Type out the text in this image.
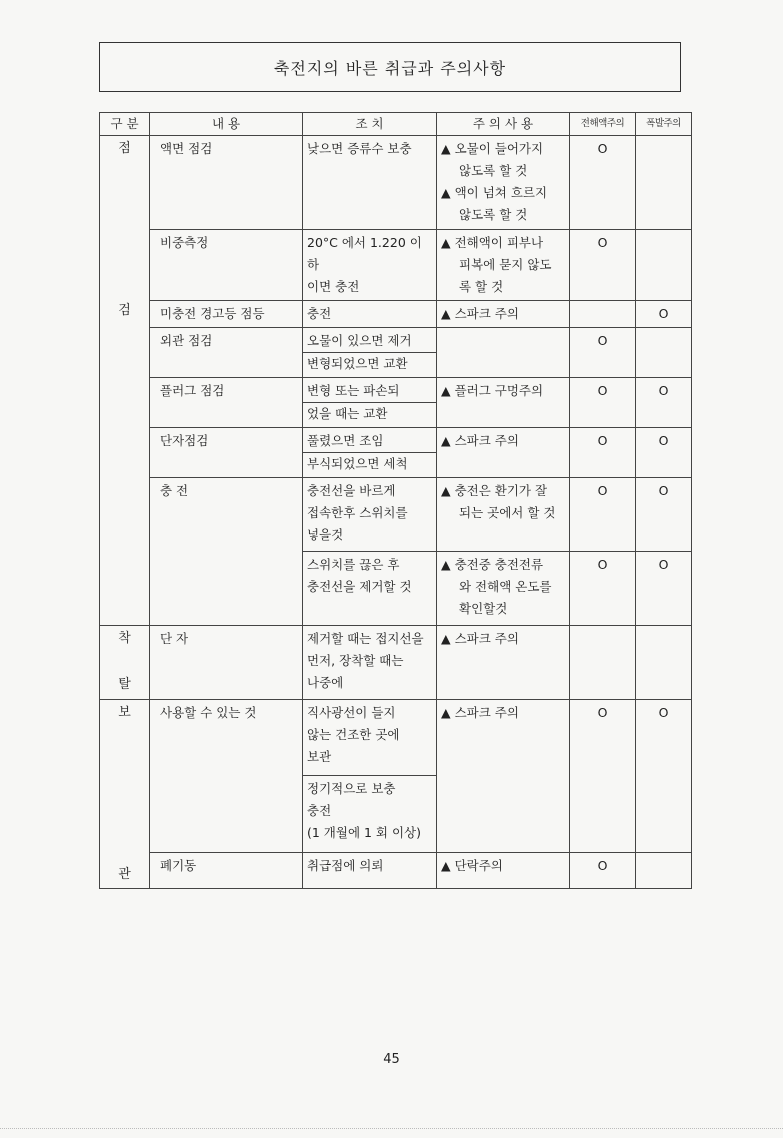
축전지의 바른 취급과 주의사항
구 분	내 용	조 치	주 의 사 용	전해액주의	폭발주의

점
검	액면 점검	낮으면 증류수 보충	▲ 오물이 들어가지
않도록 할 것
▲ 액이 넘쳐 흐르지
않도록 할 것	O	
	비중측정	20°C 에서 1.220 이하
이면 충전	▲ 전해액이 피부나
피복에 묻지 않도
록 할 것	O	
	미충전 경고등 점등	충전	▲ 스파크 주의		O
	외관 점검	오물이 있으면 제거
변형되었으면 교환		O	
	플러그 점검	변형 또는 파손되
었을 때는 교환	▲ 플러그 구멍주의	O	O
	단자점검	풀렸으면 조임
부식되었으면 세척	▲ 스파크 주의	O	O
	충 전	충전선을 바르게
접속한후 스위치를
넣을것	▲ 충전은 환기가 잘
되는 곳에서 할 것	O	O

		스위치를 끊은 후
충전선을 제거할 것	▲ 충전중 충전전류
와 전해액 온도를
확인할것	O	O

착
탈	단 자	제거할 때는 접지선을
먼저, 장착할 때는
나중에	▲ 스파크 주의		

보
관	사용할 수 있는 것	직사광선이 들지
않는 건조한 곳에
보관	▲ 스파크 주의	O	O

		정기적으로 보충
충전
(1 개월에 1 회 이상)			

	폐기동	취급점에 의뢰	▲ 단락주의	O	
45
